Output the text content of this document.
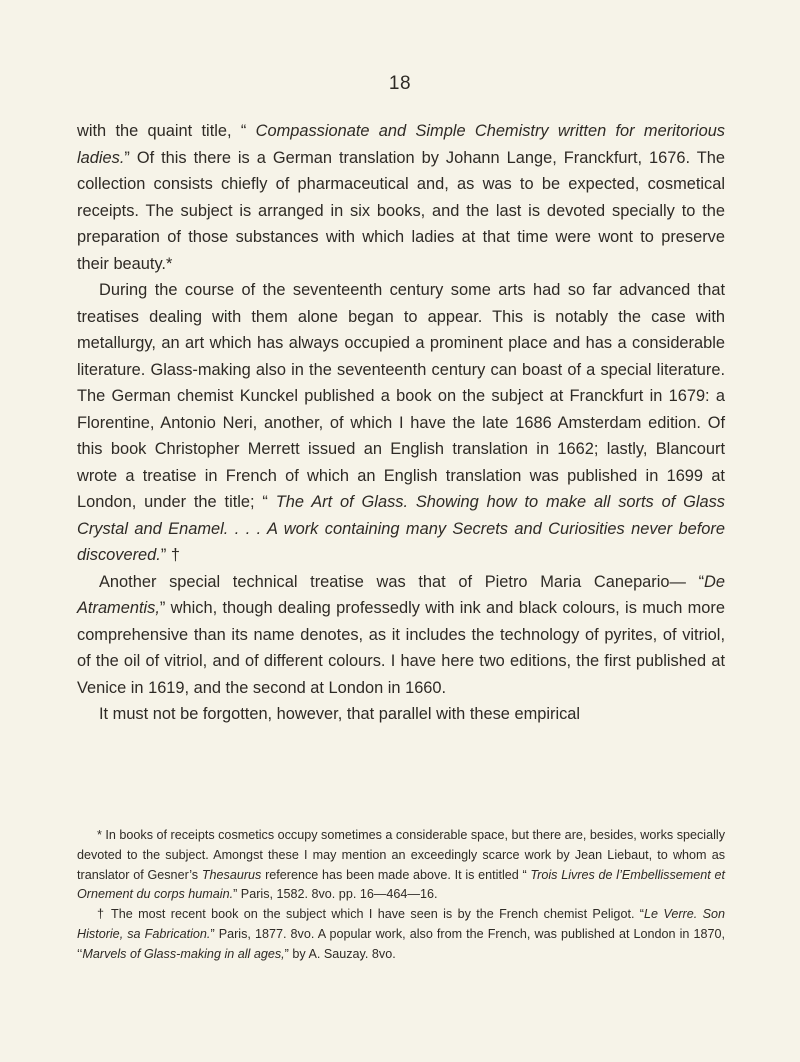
18

with the quaint title, “ Compassionate and Simple Chemistry written for meritorious ladies.” Of this there is a German translation by Johann Lange, Franckfurt, 1676. The collection consists chiefly of pharmaceutical and, as was to be expected, cosmetical receipts. The subject is arranged in six books, and the last is devoted specially to the preparation of those substances with which ladies at that time were wont to preserve their beauty.*

During the course of the seventeenth century some arts had so far advanced that treatises dealing with them alone began to appear. This is notably the case with metallurgy, an art which has always occupied a prominent place and has a considerable literature. Glass-making also in the seventeenth century can boast of a special literature. The German chemist Kunckel published a book on the subject at Franckfurt in 1679: a Florentine, Antonio Neri, another, of which I have the late 1686 Amsterdam edition. Of this book Christopher Merrett issued an English translation in 1662; lastly, Blancourt wrote a treatise in French of which an English translation was published in 1699 at London, under the title; “ The Art of Glass. Showing how to make all sorts of Glass Crystal and Enamel. . . . A work containing many Secrets and Curiosities never before discovered.” †

Another special technical treatise was that of Pietro Maria Canepario— “De Atramentis,” which, though dealing professedly with ink and black colours, is much more comprehensive than its name denotes, as it includes the technology of pyrites, of vitriol, of the oil of vitriol, and of different colours. I have here two editions, the first published at Venice in 1619, and the second at London in 1660.

It must not be forgotten, however, that parallel with these empirical

* In books of receipts cosmetics occupy sometimes a considerable space, but there are, besides, works specially devoted to the subject. Amongst these I may mention an exceedingly scarce work by Jean Liebaut, to whom as translator of Gesner’s Thesaurus reference has been made above. It is entitled “ Trois Livres de l’Embellissement et Ornement du corps humain.” Paris, 1582. 8vo. pp. 16—464—16.

† The most recent book on the subject which I have seen is by the French chemist Peligot. “Le Verre. Son Historie, sa Fabrication.” Paris, 1877. 8vo. A popular work, also from the French, was published at London in 1870, ‘‘Marvels of Glass-making in all ages,” by A. Sauzay. 8vo.
